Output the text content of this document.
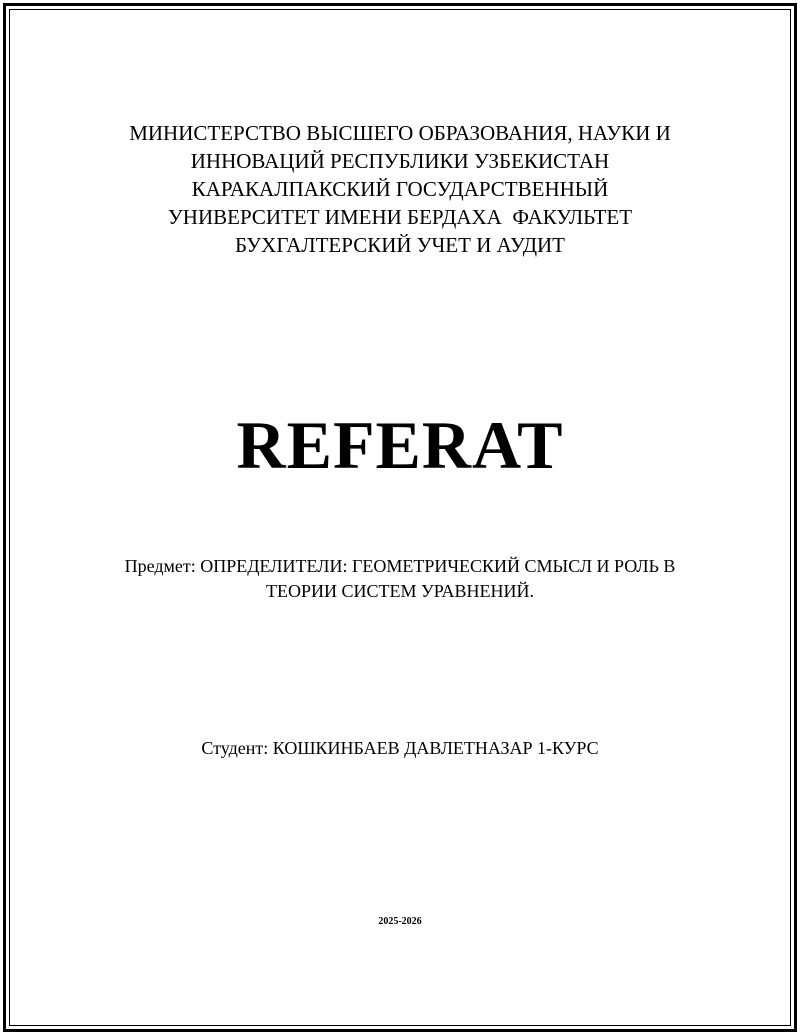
МИНИСТЕРСТВО ВЫСШЕГО ОБРАЗОВАНИЯ, НАУКИ И
ИННОВАЦИЙ РЕСПУБЛИКИ УЗБЕКИСТАН
КАРАКАЛПАКСКИЙ ГОСУДАРСТВЕННЫЙ
УНИВЕРСИТЕТ ИМЕНИ БЕРДАХА  ФАКУЛЬТЕТ
БУХГАЛТЕРСКИЙ УЧЕТ И АУДИТ
REFERAT
Предмет: ОПРЕДЕЛИТЕЛИ: ГЕОМЕТРИЧЕСКИЙ СМЫСЛ И РОЛЬ В
ТЕОРИИ СИСТЕМ УРАВНЕНИЙ.
Студент: КОШКИНБАЕВ ДАВЛЕТНАЗАР 1-КУРС
2025-2026
